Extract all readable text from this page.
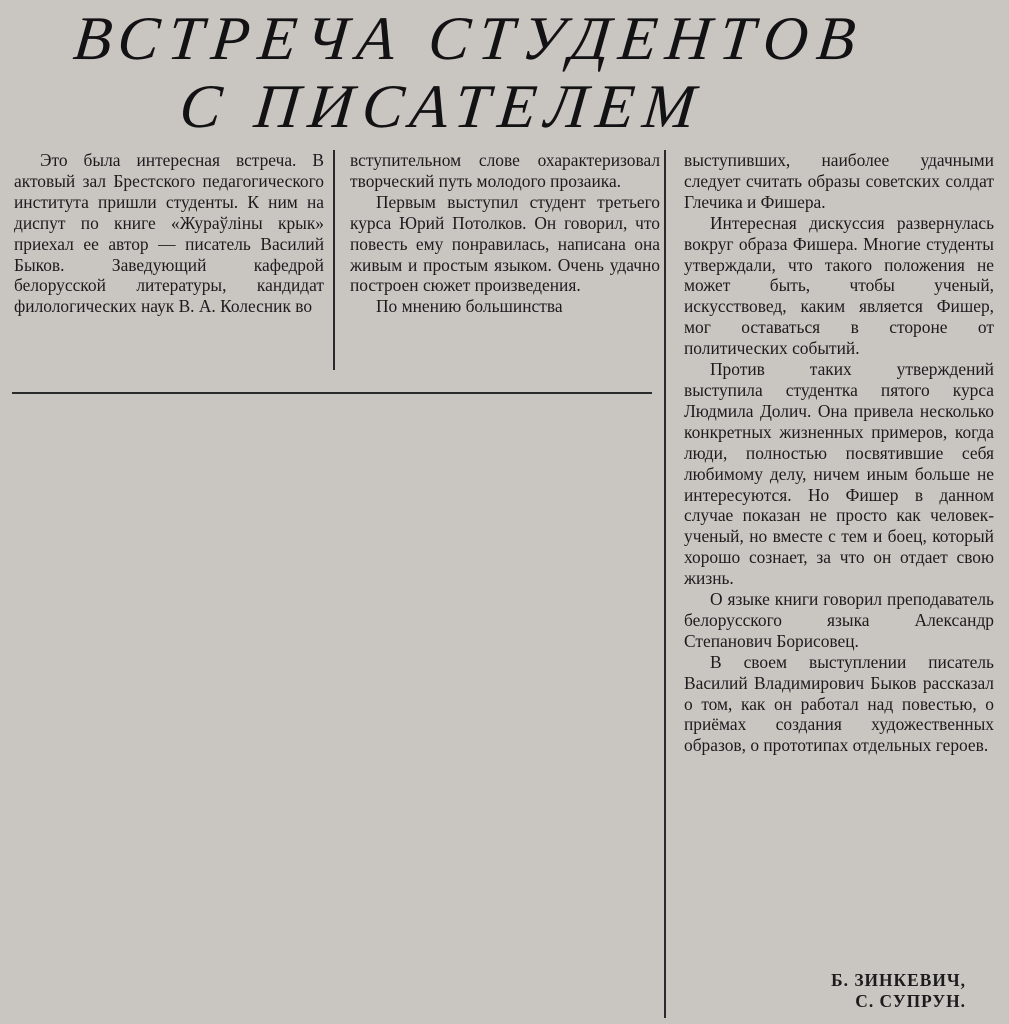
ВСТРЕЧА СТУДЕНТОВ
С ПИСАТЕЛЕМ

Это была интересная встреча. В актовый зал Брестского педагогического института пришли студенты. К ним на диспут по книге «Жураўліны крык» приехал ее автор — писатель Василий Быков. Заведующий кафедрой белорусской литературы, кандидат филологических наук В. А. Колесник во

вступительном слове охарактеризовал творческий путь молодого прозаика.

Первым выступил студент третьего курса Юрий Потолков. Он говорил, что повесть ему понравилась, написана она живым и простым языком. Очень удачно построен сюжет произведения.

По мнению большинства

выступивших, наиболее удачными следует считать образы советских солдат Глечика и Фишера.

Интересная дискуссия развернулась вокруг образа Фишера. Многие студенты утверждали, что такого положения не может быть, чтобы ученый, искусствовед, каким является Фишер, мог оставаться в стороне от политических событий.

Против таких утверждений выступила студентка пятого курса Людмила Долич. Она привела несколько конкретных жизненных примеров, когда люди, полностью посвятившие себя любимому делу, ничем иным больше не интересуются. Но Фишер в данном случае показан не просто как человек-ученый, но вместе с тем и боец, который хорошо сознает, за что он отдает свою жизнь.

О языке книги говорил преподаватель белорусского языка Александр Степанович Борисовец.

В своем выступлении писатель Василий Владимирович Быков рассказал о том, как он работал над повестью, о приёмах создания художественных образов, о прототипах отдельных героев.

Б. ЗИНКЕВИЧ,
С. СУПРУН.
